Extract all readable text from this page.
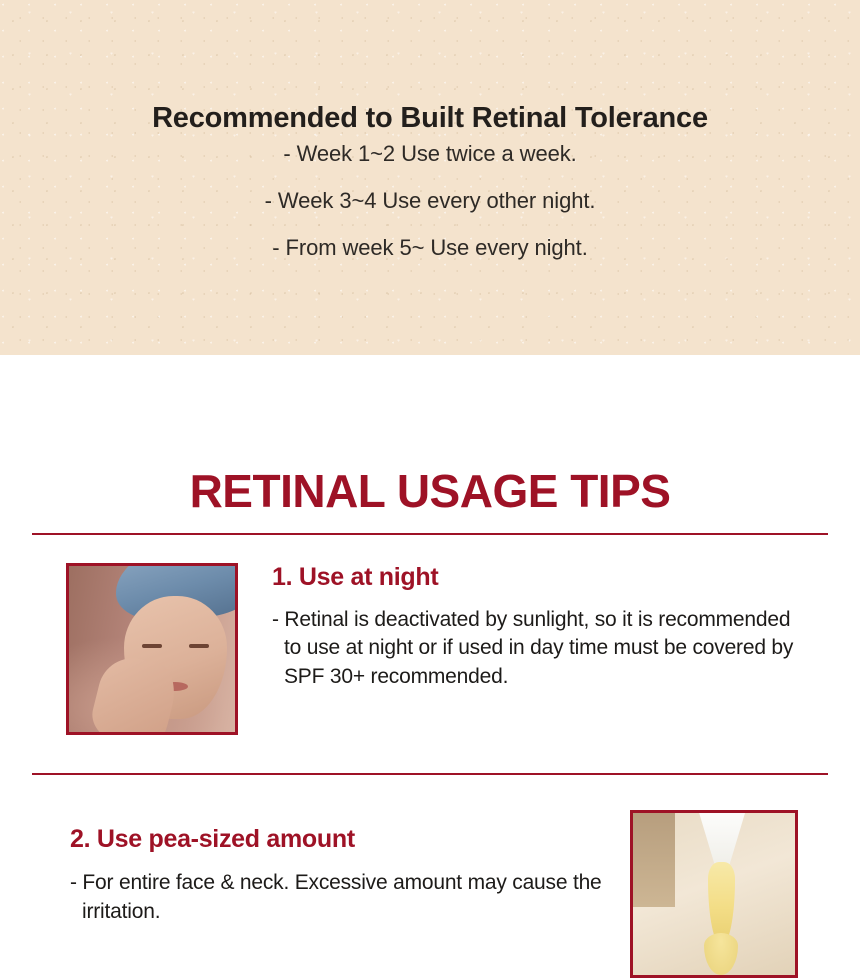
Recommended to Built Retinal Tolerance
- Week 1~2 Use twice a week.
- Week 3~4 Use every other night.
- From week 5~ Use every night.
RETINAL USAGE TIPS
1. Use at night

- Retinal is deactivated by sunlight, so it is recommended to use at night or if used in day time must be covered by SPF 30+ recommended.

2. Use pea-sized amount

- For entire face & neck. Excessive amount may cause the irritation.
